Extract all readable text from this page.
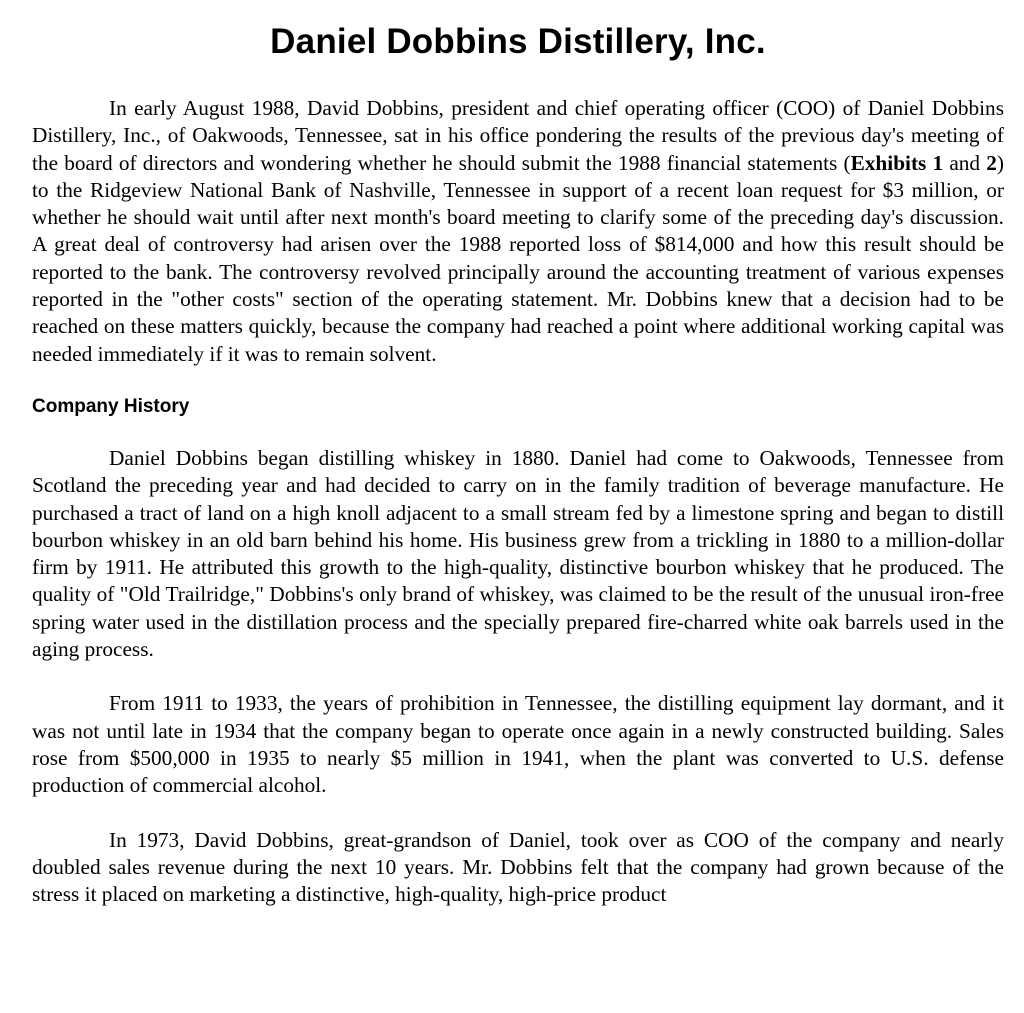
Daniel Dobbins Distillery, Inc.

In early August 1988, David Dobbins, president and chief operating officer (COO) of Daniel Dobbins Distillery, Inc., of Oakwoods, Tennessee, sat in his office pondering the results of the previous day's meeting of the board of directors and wondering whether he should submit the 1988 financial statements (Exhibits 1 and 2) to the Ridgeview National Bank of Nashville, Tennessee in support of a recent loan request for $3 million, or whether he should wait until after next month's board meeting to clarify some of the preceding day's discussion. A great deal of controversy had arisen over the 1988 reported loss of $814,000 and how this result should be reported to the bank. The controversy revolved principally around the accounting treatment of various expenses reported in the "other costs" section of the operating statement. Mr. Dobbins knew that a decision had to be reached on these matters quickly, because the company had reached a point where additional working capital was needed immediately if it was to remain solvent.

Company History

Daniel Dobbins began distilling whiskey in 1880. Daniel had come to Oakwoods, Tennessee from Scotland the preceding year and had decided to carry on in the family tradition of beverage manufacture. He purchased a tract of land on a high knoll adjacent to a small stream fed by a limestone spring and began to distill bourbon whiskey in an old barn behind his home. His business grew from a trickling in 1880 to a million-dollar firm by 1911. He attributed this growth to the high-quality, distinctive bourbon whiskey that he produced. The quality of "Old Trailridge," Dobbins's only brand of whiskey, was claimed to be the result of the unusual iron-free spring water used in the distillation process and the specially prepared fire-charred white oak barrels used in the aging process.

From 1911 to 1933, the years of prohibition in Tennessee, the distilling equipment lay dormant, and it was not until late in 1934 that the company began to operate once again in a newly constructed building. Sales rose from $500,000 in 1935 to nearly $5 million in 1941, when the plant was converted to U.S. defense production of commercial alcohol.

In 1973, David Dobbins, great-grandson of Daniel, took over as COO of the company and nearly doubled sales revenue during the next 10 years. Mr. Dobbins felt that the company had grown because of the stress it placed on marketing a distinctive, high-quality, high-price product
